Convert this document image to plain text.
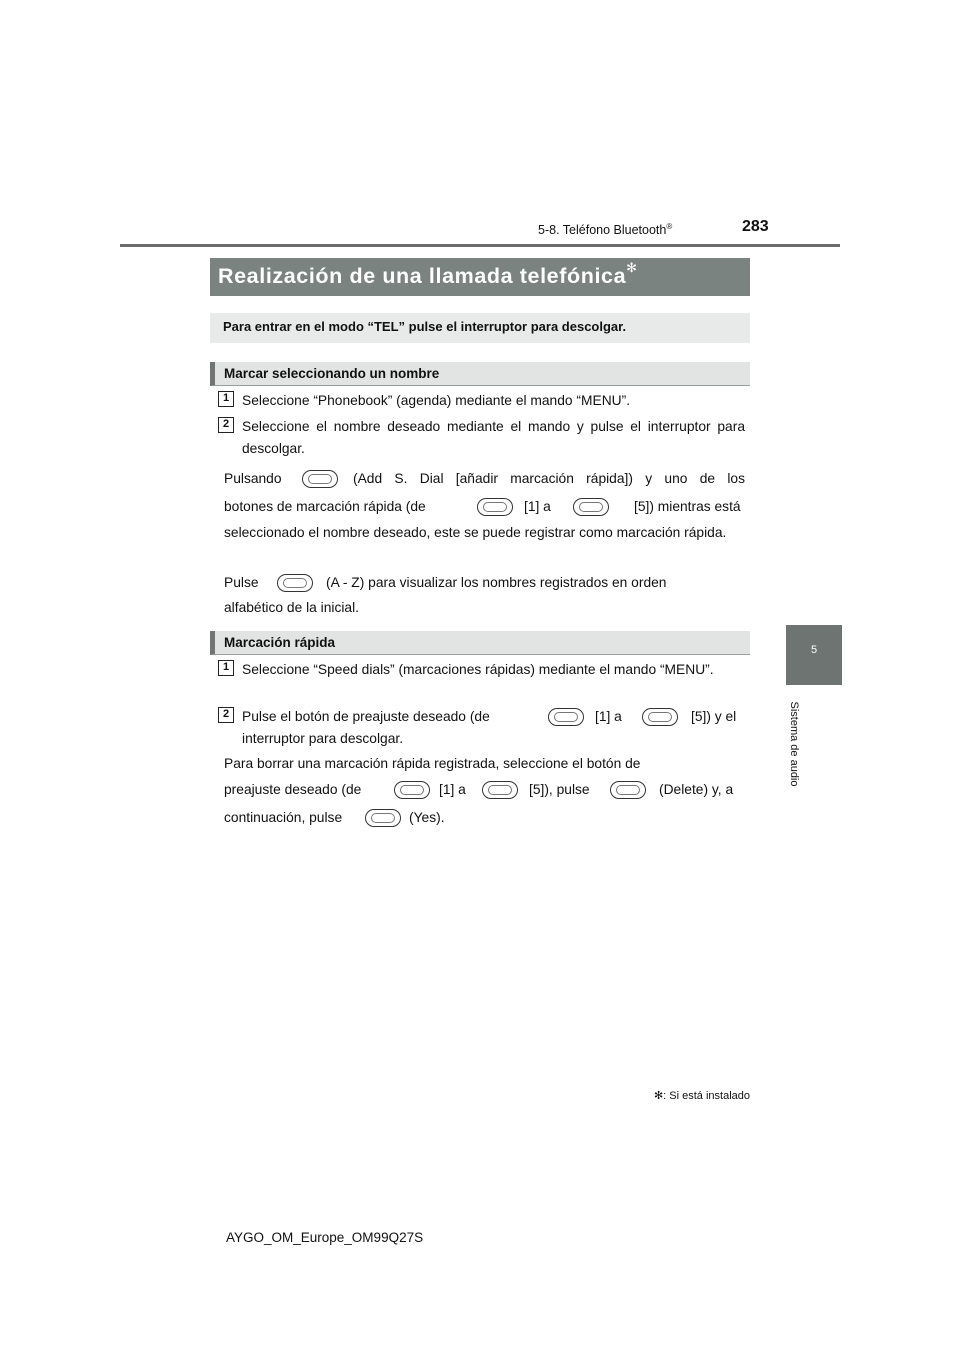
5-8. Teléfono Bluetooth®	283
Realización de una llamada telefónica✻
Para entrar en el modo “TEL” pulse el interruptor para descolgar.
Marcar seleccionando un nombre
1 Seleccione “Phonebook” (agenda) mediante el mando “MENU”.
2 Seleccione el nombre deseado mediante el mando y pulse el interruptor para descolgar.
Pulsando	(Add S. Dial [añadir marcación rápida]) y uno de los
botones de marcación rápida (de	[1] a	[5]) mientras está
seleccionado el nombre deseado, este se puede registrar como marcación rápida.
Pulse	(A - Z) para visualizar los nombres registrados en orden
alfabético de la inicial.
Marcación rápida
1 Seleccione “Speed dials” (marcaciones rápidas) mediante el mando “MENU”.
2 Pulse el botón de preajuste deseado (de	[1] a	[5]) y el
interruptor para descolgar.
Para borrar una marcación rápida registrada, seleccione el botón de
preajuste deseado (de	[1] a	[5]), pulse	(Delete) y, a
continuación, pulse	(Yes).
5
Sistema de audio
✻: Si está instalado
AYGO_OM_Europe_OM99Q27S
